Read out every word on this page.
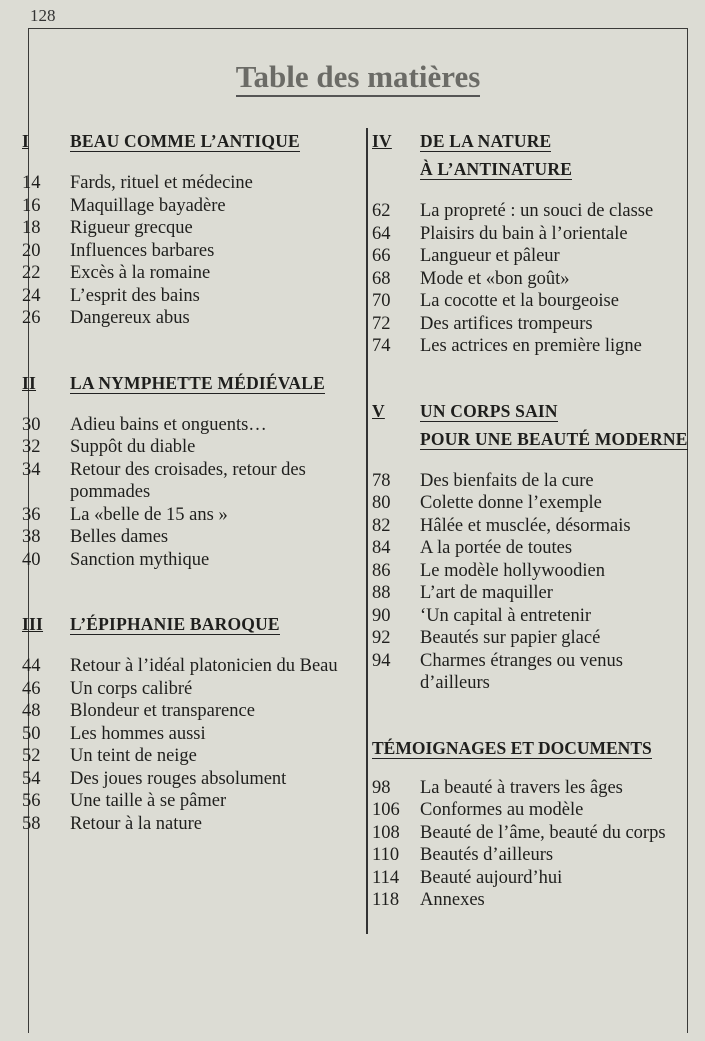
128
Table des matières
I	BEAU COMME L’ANTIQUE
14	Fards, rituel et médecine
16	Maquillage bayadère
18	Rigueur grecque
20	Influences barbares
22	Excès à la romaine
24	L’esprit des bains
26	Dangereux abus
II	LA NYMPHETTE MÉDIÉVALE
30	Adieu bains et onguents…
32	Suppôt du diable
34	Retour des croisades, retour des pommades
36	La «belle de 15 ans »
38	Belles dames
40	Sanction mythique
III	L’ÉPIPHANIE BAROQUE
44	Retour à l’idéal platonicien du Beau
46	Un corps calibré
48	Blondeur et transparence
50	Les hommes aussi
52	Un teint de neige
54	Des joues rouges absolument
56	Une taille à se pâmer
58	Retour à la nature
IV	DE LA NATURE
À L’ANTINATURE
62	La propreté : un souci de classe
64	Plaisirs du bain à l’orientale
66	Langueur et pâleur
68	Mode et «bon goût»
70	La cocotte et la bourgeoise
72	Des artifices trompeurs
74	Les actrices en première ligne
V	UN CORPS SAIN
POUR UNE BEAUTÉ MODERNE
78	Des bienfaits de la cure
80	Colette donne l’exemple
82	Hâlée et musclée, désormais
84	A la portée de toutes
86	Le modèle hollywoodien
88	L’art de maquiller
90	‘Un capital à entretenir
92	Beautés sur papier glacé
94	Charmes étranges ou venus d’ailleurs
TÉMOIGNAGES ET DOCUMENTS
98	La beauté à travers les âges
106	Conformes au modèle
108	Beauté de l’âme, beauté du corps
110	Beautés d’ailleurs
114	Beauté aujourd’hui
118	Annexes
